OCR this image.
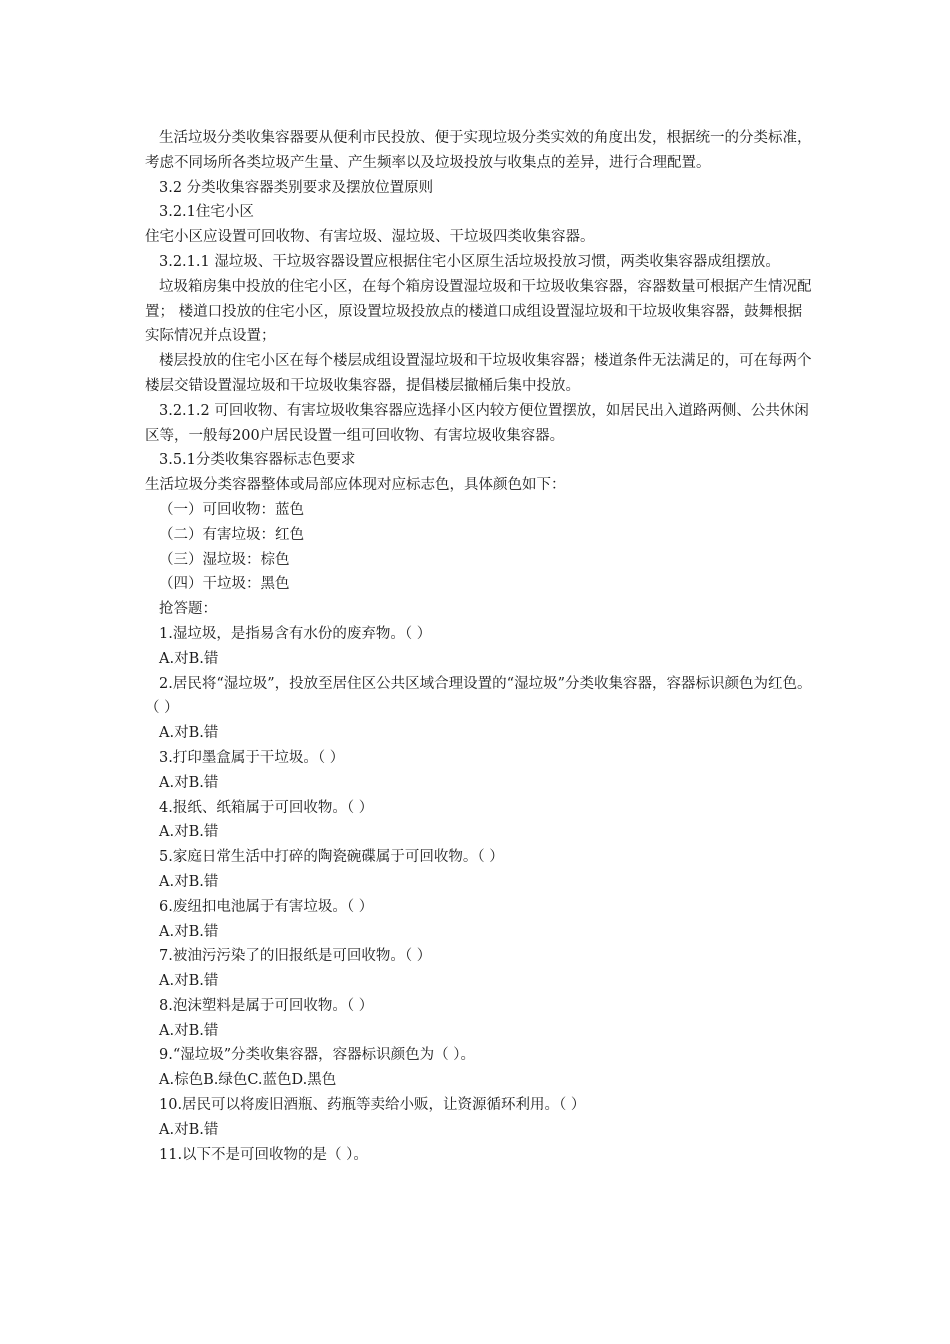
生活垃圾分类收集容器要从便利市民投放、便于实现垃圾分类实效的角度出发，根据统一的分类标准，考虑不同场所各类垃圾产生量、产生频率以及垃圾投放与收集点的差异，进行合理配置。

3.2 分类收集容器类别要求及摆放位置原则

3.2.1住宅小区

住宅小区应设置可回收物、有害垃圾、湿垃圾、干垃圾四类收集容器。

3.2.1.1 湿垃圾、干垃圾容器设置应根据住宅小区原生活垃圾投放习惯，两类收集容器成组摆放。

垃圾箱房集中投放的住宅小区，在每个箱房设置湿垃圾和干垃圾收集容器，容器数量可根据产生情况配置； 楼道口投放的住宅小区，原设置垃圾投放点的楼道口成组设置湿垃圾和干垃圾收集容器，鼓舞根据实际情况并点设置；

楼层投放的住宅小区在每个楼层成组设置湿垃圾和干垃圾收集容器；楼道条件无法满足的，可在每两个楼层交错设置湿垃圾和干垃圾收集容器，提倡楼层撤桶后集中投放。

3.2.1.2 可回收物、有害垃圾收集容器应选择小区内较方便位置摆放，如居民出入道路两侧、公共休闲区等，一般每200户居民设置一组可回收物、有害垃圾收集容器。

3.5.1分类收集容器标志色要求

生活垃圾分类容器整体或局部应体现对应标志色，具体颜色如下：

（一）可回收物：蓝色

（二）有害垃圾：红色

（三）湿垃圾：棕色

（四）干垃圾：黑色

抢答题：

1.湿垃圾，是指易含有水份的废弃物。（ ）

A.对B.错

2.居民将“湿垃圾”，投放至居住区公共区域合理设置的“湿垃圾”分类收集容器，容器标识颜色为红色。（ ）

A.对B.错

3.打印墨盒属于干垃圾。（ ）

A.对B.错

4.报纸、纸箱属于可回收物。（ ）

A.对B.错

5.家庭日常生活中打碎的陶瓷碗碟属于可回收物。（ ）

A.对B.错

6.废纽扣电池属于有害垃圾。（ ）

A.对B.错

7.被油污污染了的旧报纸是可回收物。（ ）

A.对B.错

8.泡沫塑料是属于可回收物。（ ）

A.对B.错

9.“湿垃圾”分类收集容器，容器标识颜色为（ ）。

A.棕色B.绿色C.蓝色D.黑色

10.居民可以将废旧酒瓶、药瓶等卖给小贩，让资源循环利用。（ ）

A.对B.错

11.以下不是可回收物的是（ ）。
